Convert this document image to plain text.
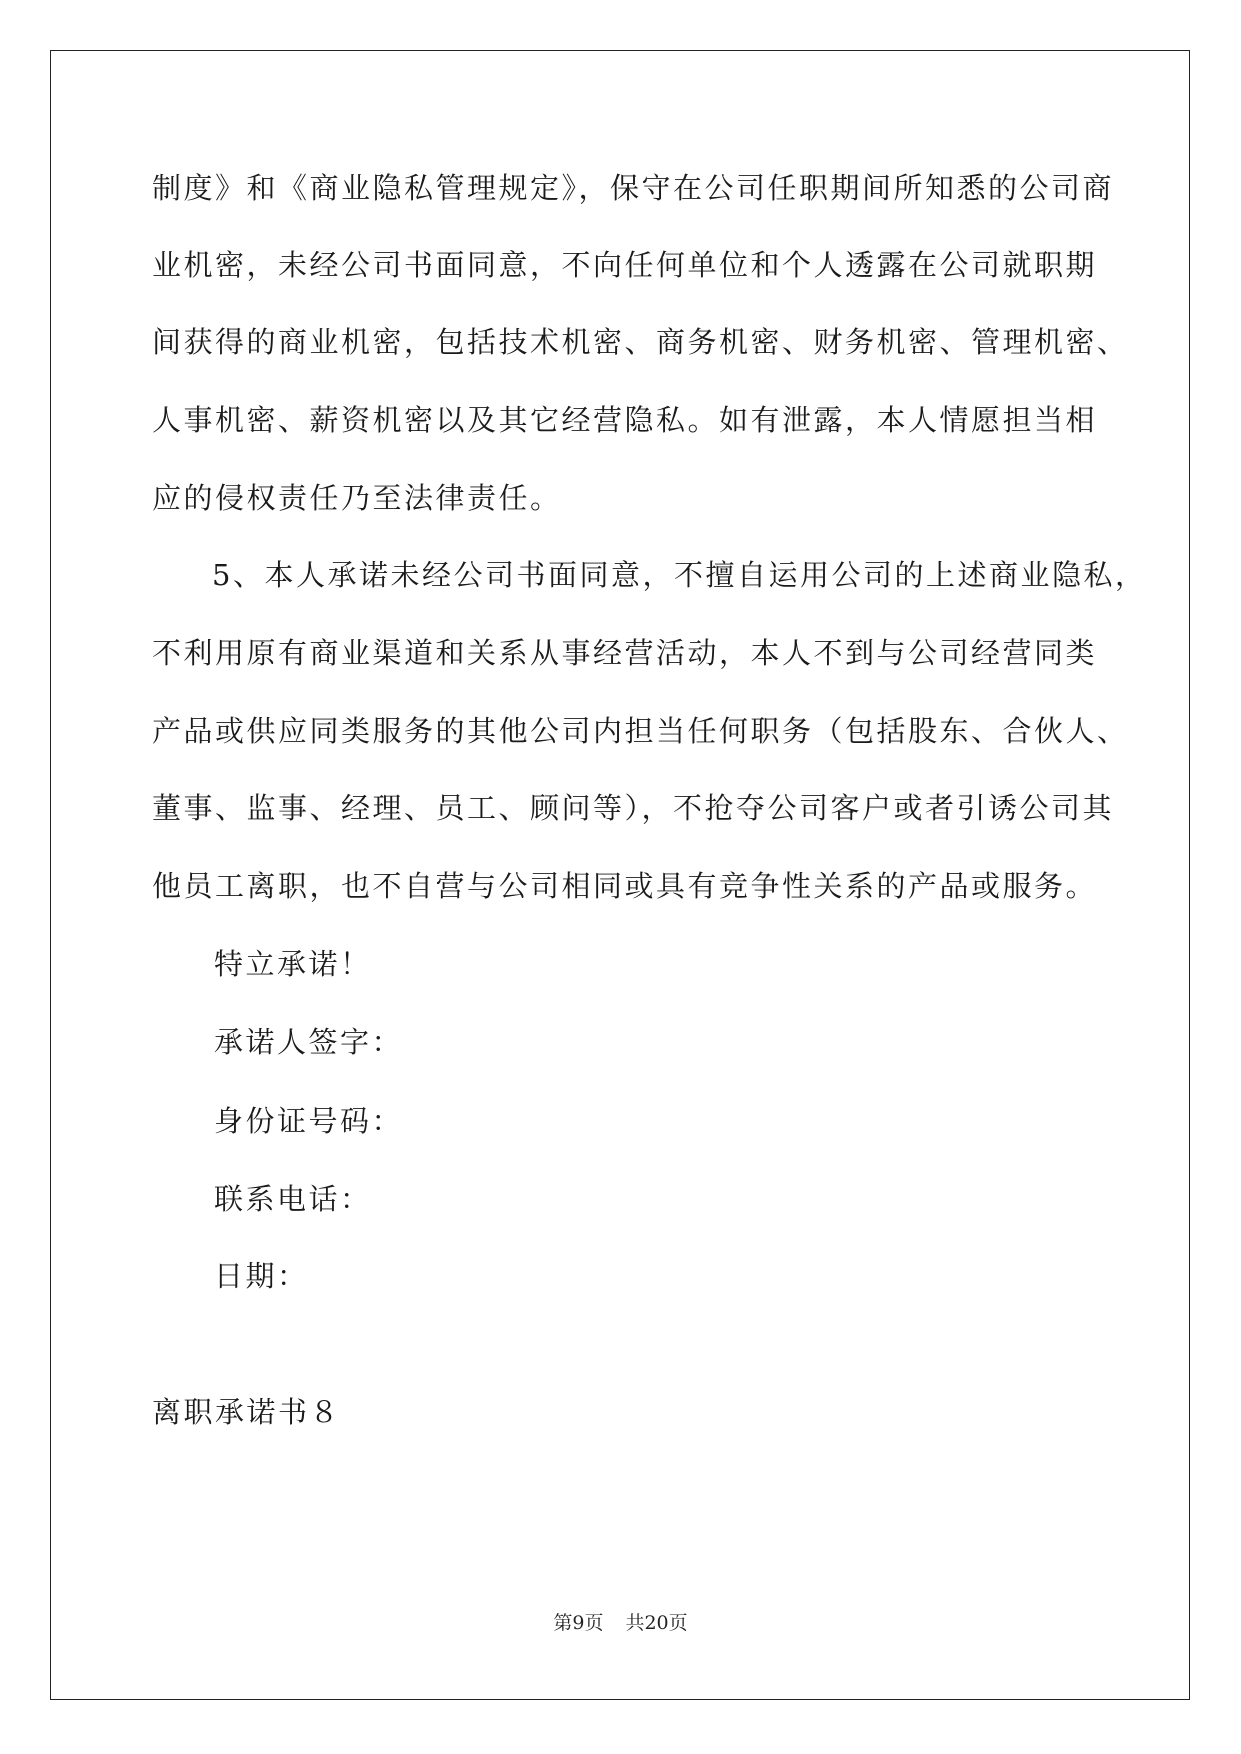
制度》和《商业隐私管理规定》，保守在公司任职期间所知悉的公司商
业机密，未经公司书面同意，不向任何单位和个人透露在公司就职期
间获得的商业机密，包括技术机密、商务机密、财务机密、管理机密、
人事机密、薪资机密以及其它经营隐私。如有泄露，本人情愿担当相
应的侵权责任乃至法律责任。
5、本人承诺未经公司书面同意，不擅自运用公司的上述商业隐私，
不利用原有商业渠道和关系从事经营活动，本人不到与公司经营同类
产品或供应同类服务的其他公司内担当任何职务（包括股东、合伙人、
董事、监事、经理、员工、顾问等），不抢夺公司客户或者引诱公司其
他员工离职，也不自营与公司相同或具有竞争性关系的产品或服务。
特立承诺！
承诺人签字：
身份证号码：
联系电话：
日期：
离职承诺书８
第9页 共20页
